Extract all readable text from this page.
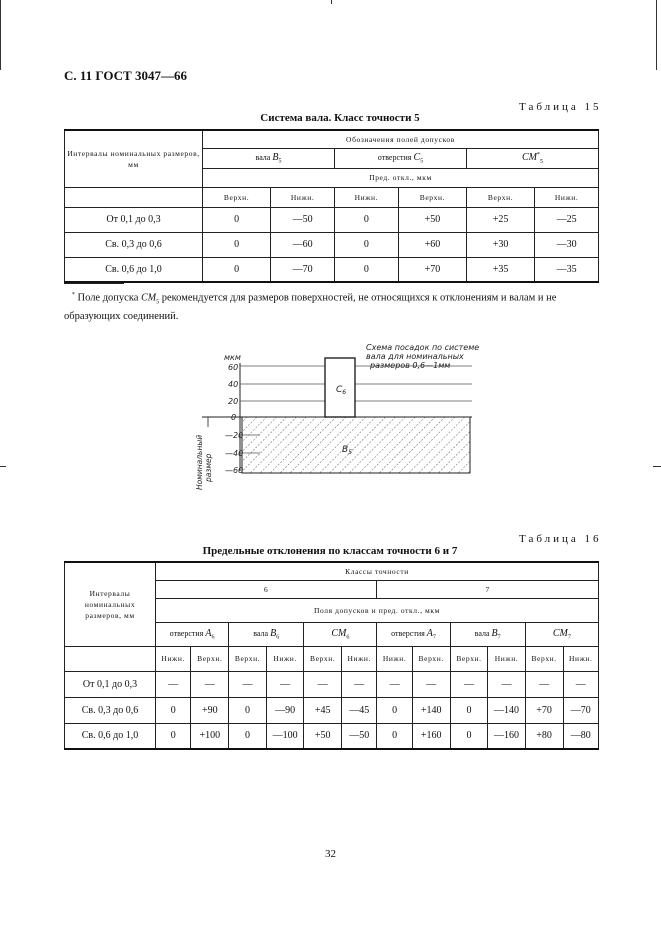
С. 11 ГОСТ 3047—66
Таблица 15
Система вала. Класс точности 5
Интервалы номинальных размеров, мм	Обозначения полей допусков					
	вала $B_5$		отверстия $C_5$		$CM^*_5$
	Пред. откл., мкм					
	Верхн.	Нижн.	Нижн.	Верхн.	Верхн.	Нижн.
От 0,1 до 0,3	0	—50	0	+50	+25	—25
Св. 0,3 до 0,6	0	—60	0	+60	+30	—30
Св. 0,6 до 1,0	0	—70	0	+70	+35	—35
* Поле допуска $CM_5$ рекомендуется для размеров поверхностей, не относящихся к отклонениям и валам и не образующих соединений.
мкм
60
40
20
0
—20
—40
—60
Схема посадок по системе
вала для номинальных
размеров 0,6—1мм
$C_6$
$B_5$
Номинальный размер
Таблица 16
Предельные отклонения по классам точности 6 и 7
Интервалы номинальных размеров, мм	Классы точности											
	6						7					
	Поля допусков и пред. откл., мкм											
	отверстия $A_6$		вала $B_6$		$CM_6$		отверстия $A_7$		вала $B_7$		$CM_7$
	Нижн.	Верхн.	Верхн.	Нижн.	Верхн.	Нижн.	Нижн.	Верхн.	Верхн.	Нижн.	Верхн.	Нижн.
От 0,1 до 0,3	—	—	—	—	—	—	—	—	—	—	—	—
Св. 0,3 до 0,6	0	+90	0	—90	+45	—45	0	+140	0	—140	+70	—70
Св. 0,6 до 1,0	0	+100	0	—100	+50	—50	0	+160	0	—160	+80	—80
32
